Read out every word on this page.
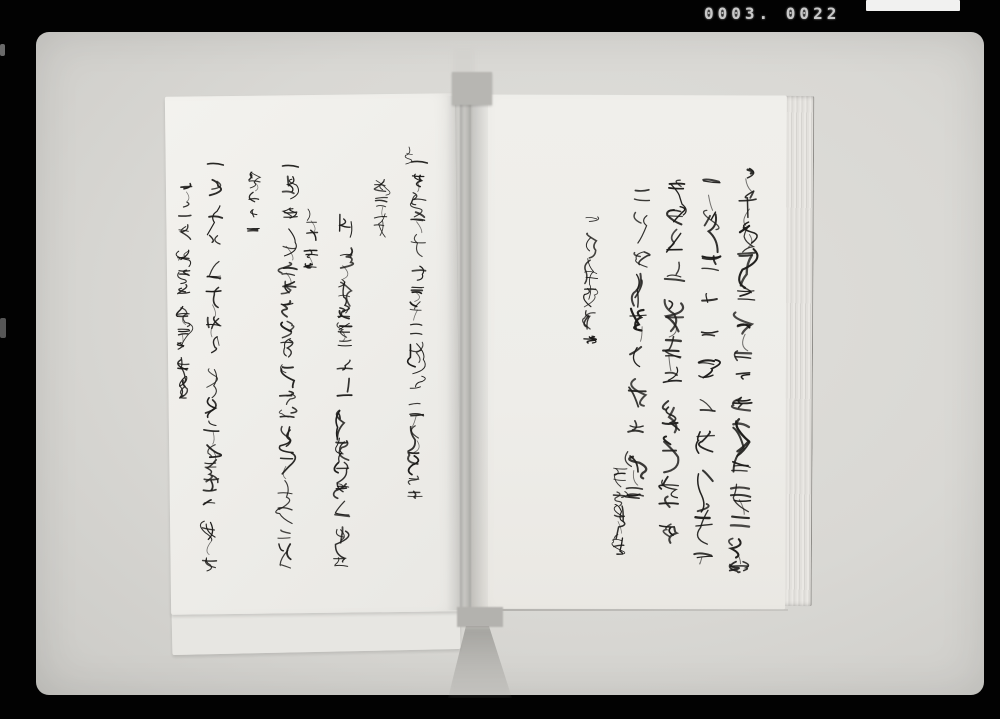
0003. 0022
